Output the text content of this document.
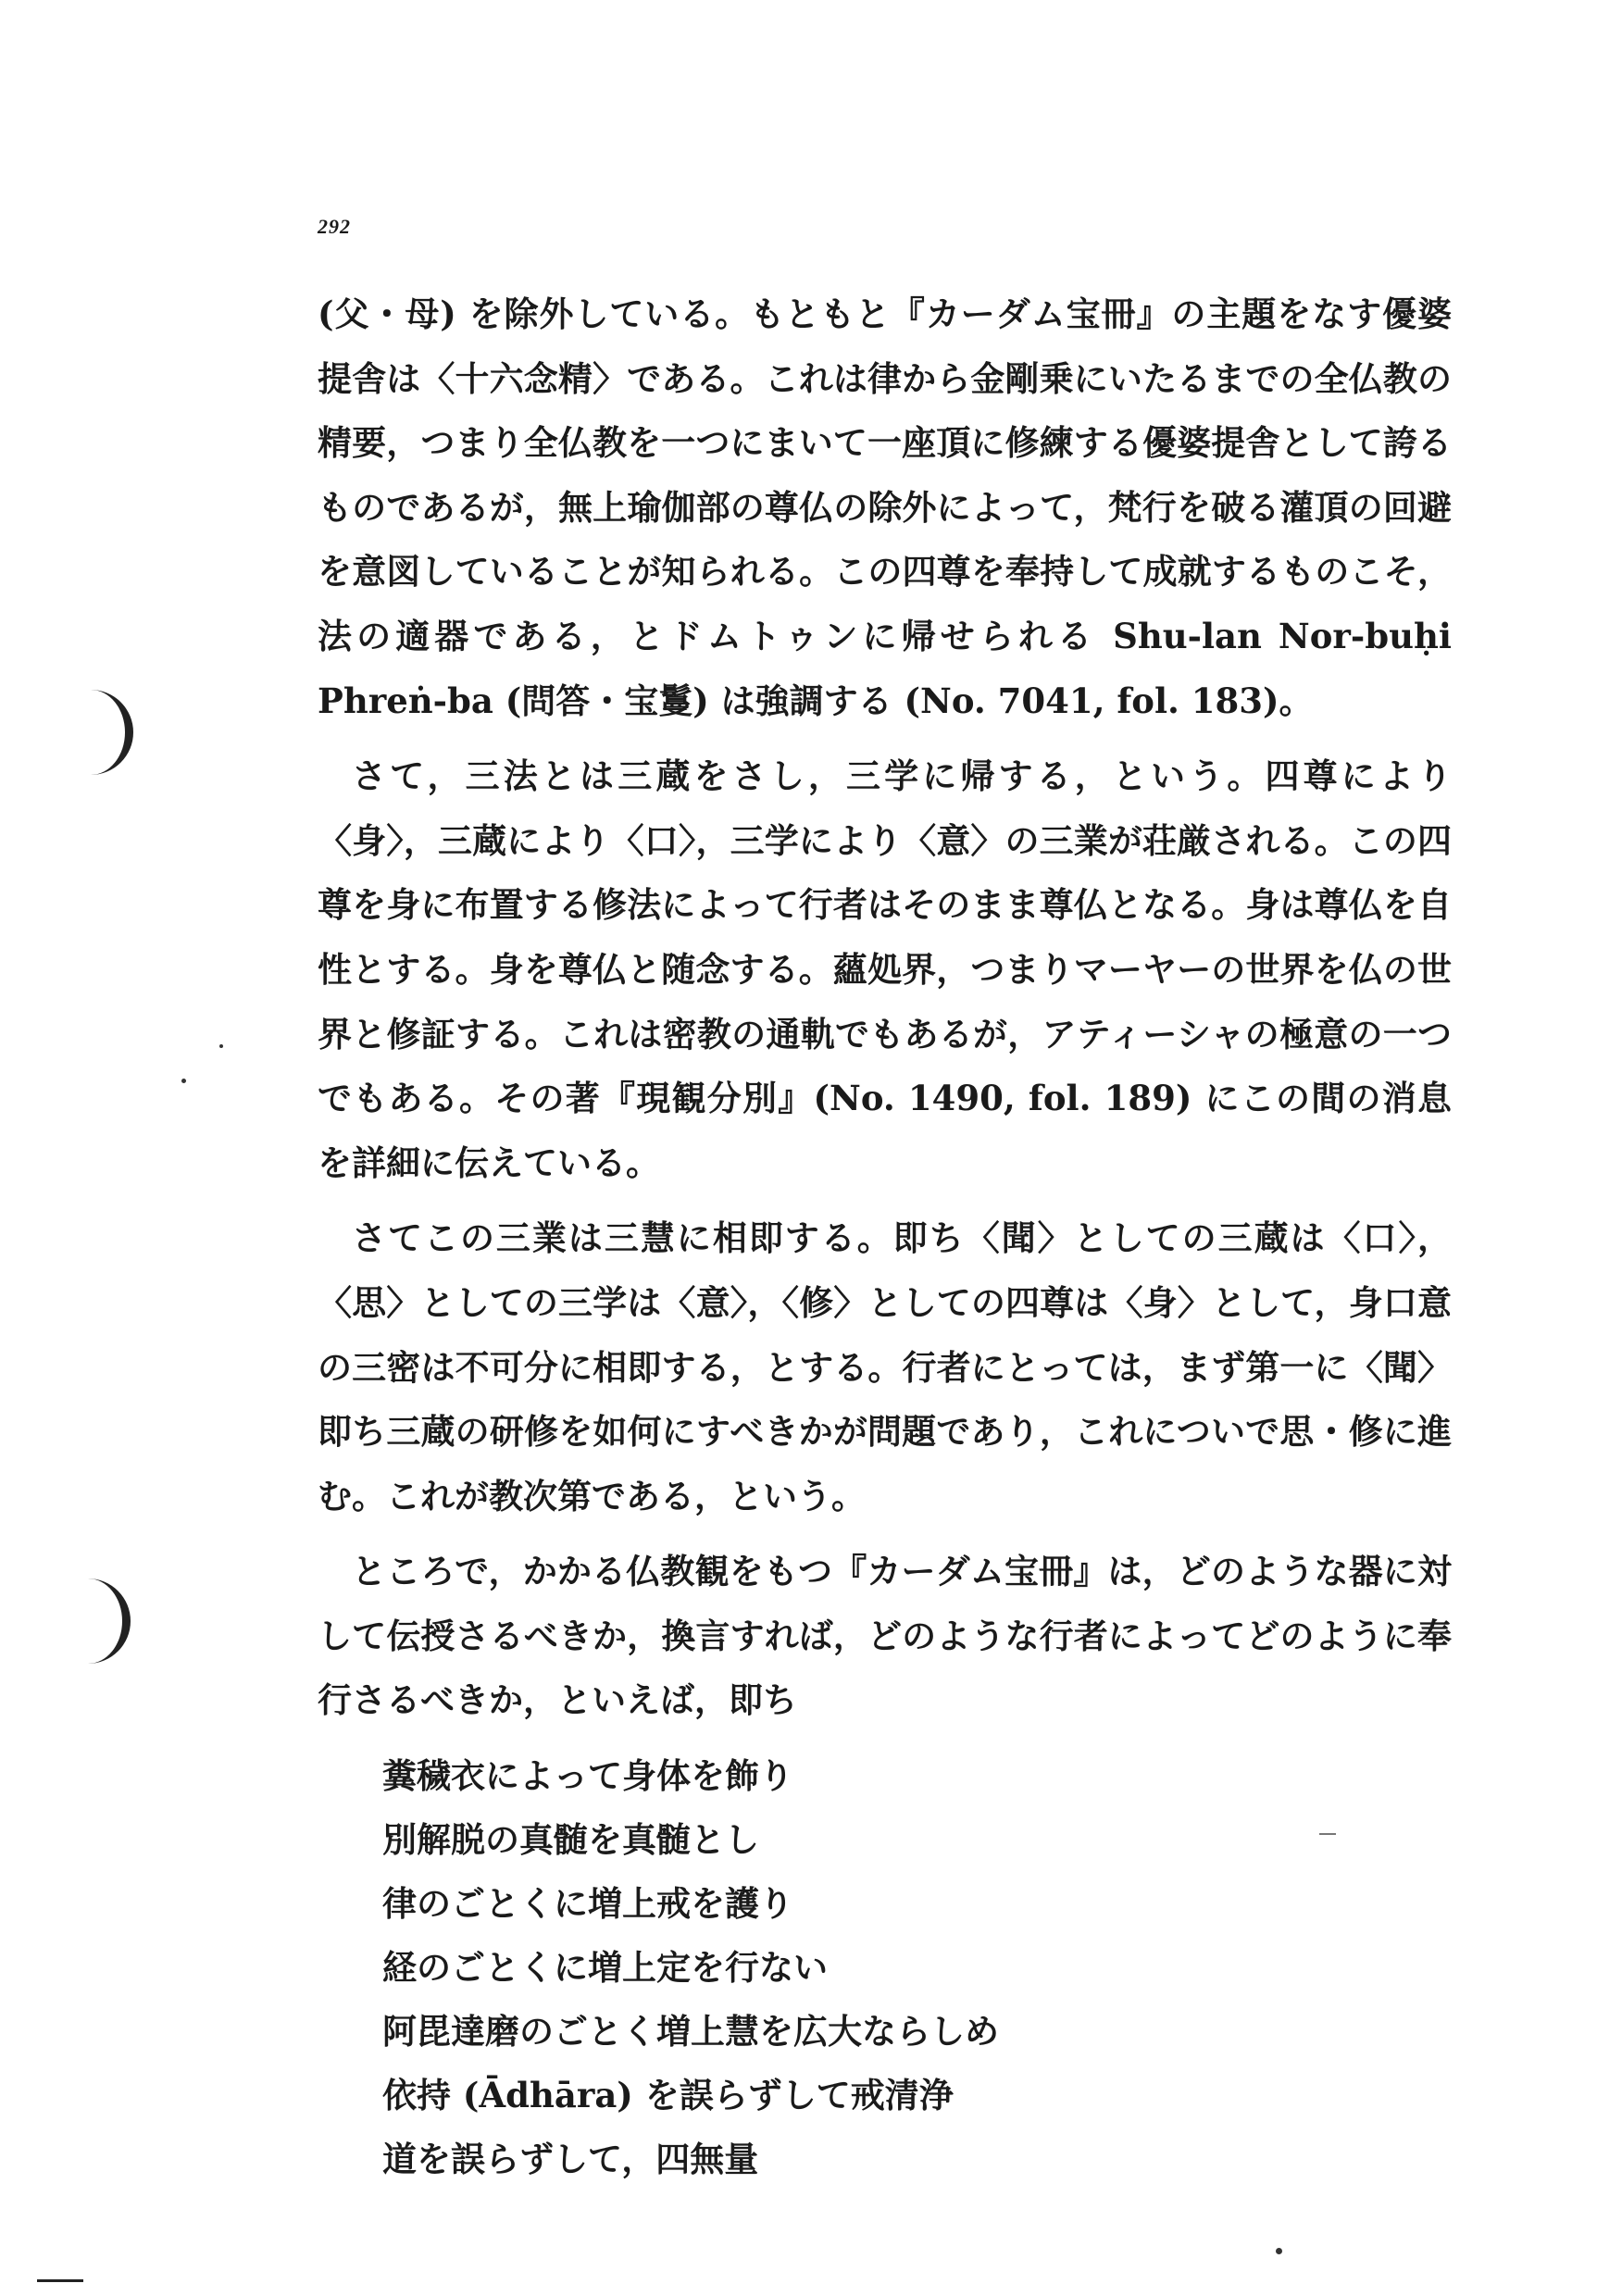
292

(父・母) を除外している。もともと『カーダム宝冊』の主題をなす優婆提舎は〈十六念精〉である。これは律から金剛乗にいたるまでの全仏教の精要，つまり全仏教を一つにまいて一座頂に修練する優婆提舎として誇るものであるが，無上瑜伽部の尊仏の除外によって，梵行を破る灌頂の回避を意図していることが知られる。この四尊を奉持して成就するものこそ，法の適器である，とドムトゥンに帰せられる Shu-lan Nor-buḥi Phreṅ-ba (問答・宝鬘) は強調する (No. 7041, fol. 183)。

さて，三法とは三蔵をさし，三学に帰する，という。四尊により〈身〉，三蔵により〈口〉，三学により〈意〉の三業が荘厳される。この四尊を身に布置する修法によって行者はそのまま尊仏となる。身は尊仏を自性とする。身を尊仏と随念する。蘊処界，つまりマーヤーの世界を仏の世界と修証する。これは密教の通軌でもあるが，アティーシャの極意の一つでもある。その著『現観分別』(No. 1490, fol. 189) にこの間の消息を詳細に伝えている。

さてこの三業は三慧に相即する。即ち〈聞〉としての三蔵は〈口〉，〈思〉としての三学は〈意〉，〈修〉としての四尊は〈身〉として，身口意の三密は不可分に相即する，とする。行者にとっては，まず第一に〈聞〉即ち三蔵の研修を如何にすべきかが問題であり，これについで思・修に進む。これが教次第である，という。

ところで，かかる仏教観をもつ『カーダム宝冊』は，どのような器に対して伝授さるべきか，換言すれば，どのような行者によってどのように奉行さるべきか，といえば，即ち

糞穢衣によって身体を飾り
別解脱の真髄を真髄とし
律のごとくに増上戒を護り
経のごとくに増上定を行ない
阿毘達磨のごとく増上慧を広大ならしめ
依持 (Ādhāra) を誤らずして戒清浄
道を誤らずして，四無量
